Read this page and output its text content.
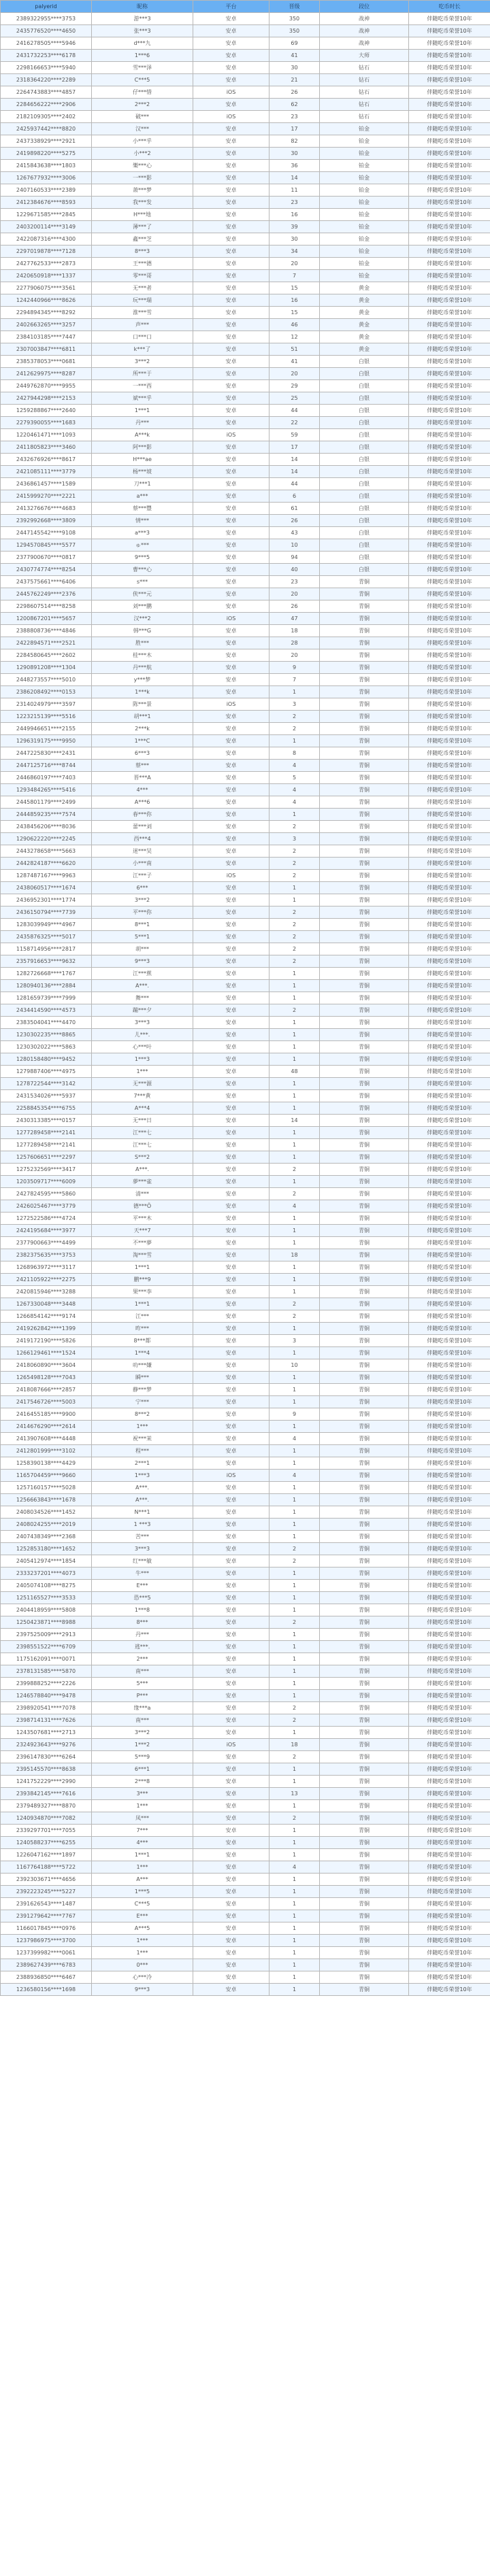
palyerid	昵称	平台	晋级	段位	吃币时长
2389322955****3753	游***3	安卓	350	战神	伴随吃币荣誉10年
2435776520****4650	张***3	安卓	350	战神	伴随吃币荣誉10年
2416278505****5946	d***九	安卓	69	战神	伴随吃币荣誉10年
2431732253****6178	1***6	安卓	41	大师	伴随吃币荣誉10年
2298166653****5940	雪***泽	安卓	30	钻石	伴随吃币荣誉10年
2318364220****2289	C***5	安卓	21	钻石	伴随吃币荣誉10年
2264743883****4857	仔***惜	iOS	26	钻石	伴随吃币荣誉10年
2284656222****2906	2***2	安卓	62	钻石	伴随吃币荣誉10年
2182109305****2402	破***	iOS	23	钻石	伴随吃币荣誉10年
2425937442****8820	汉***	安卓	17	铂金	伴随吃币荣誉10年
2437338929****2921	小***乎	安卓	82	铂金	伴随吃币荣誉10年
2419898220****5275	小***2	安卓	30	铂金	伴随吃币荣誉10年
2415843638****1803	樂***心	安卓	36	铂金	伴随吃币荣誉10年
1267677932****3006	一***影	安卓	14	铂金	伴随吃币荣誉10年
2407160533****2389	萧***梦	安卓	11	铂金	伴随吃币荣誉10年
2412384676****8593	我***发	安卓	23	铂金	伴随吃币荣誉10年
1229671585****2845	H***地	安卓	16	铂金	伴随吃币荣誉10年
2403200114****3149	薄***了	安卓	39	铂金	伴随吃币荣誉10年
2422087316****4300	鑫***芝	安卓	30	铂金	伴随吃币荣誉10年
2297019878****7128	8***3	安卓	34	铂金	伴随吃币荣誉10年
2427762533****2873	王***德	安卓	20	铂金	伴随吃币荣誉10年
2420650918****1337	零***哥	安卓	7	铂金	伴随吃币荣誉10年
2277906075****3561	无***者	安卓	15	黄金	伴随吃币荣誉10年
1242440966****8626	玩***瑞	安卓	16	黄金	伴随吃币荣誉10年
2294894345****8292	淮***雪	安卓	15	黄金	伴随吃币荣誉10年
2402663265****3257	声***	安卓	46	黄金	伴随吃币荣誉10年
2384103185****7447	口***口	安卓	12	黄金	伴随吃币荣誉10年
2307003847****6811	k***了	安卓	51	黄金	伴随吃币荣誉10年
2385378053****0681	3***2	安卓	41	白银	伴随吃币荣誉10年
2412629975****8287	所***于	安卓	20	白银	伴随吃币荣誉10年
2449762870****9955	一***西	安卓	29	白银	伴随吃币荣誉10年
2427944298****2153	斌***乎	安卓	25	白银	伴随吃币荣誉10年
1259288867****2640	1***1	安卓	44	白银	伴随吃币荣誉10年
2279390055****1683	丹***	安卓	22	白银	伴随吃币荣誉10年
1220461471****1093	A***k	iOS	59	白银	伴随吃币荣誉10年
2411805823****3460	阿***影	安卓	17	白银	伴随吃币荣誉10年
2432676926****8617	H***ae	安卓	14	白银	伴随吃币荣誉10年
2421085111****3779	杨***坡	安卓	14	白银	伴随吃币荣誉10年
2436861457****1589	刀***1	安卓	44	白银	伴随吃币荣誉10年
2415999270****2221	a***	安卓	6	白银	伴随吃币荣誉10年
2413276676****4683	蔡***豐	安卓	61	白银	伴随吃币荣誉10年
2392992668****3809	情***	安卓	26	白银	伴随吃币荣誉10年
2447145542****9108	a***3	安卓	43	白银	伴随吃币荣誉10年
1294570845****5577	ゅ***	安卓	10	白银	伴随吃币荣誉10年
2377900670****0817	9***5	安卓	94	白银	伴随吃币荣誉10年
2430774774****8254	曹***心	安卓	40	白银	伴随吃币荣誉10年
2437575661****6406	s***	安卓	23	青铜	伴随吃币荣誉10年
2445762249****2376	侠***元	安卓	20	青铜	伴随吃币荣誉10年
2298607514****8258	刘***鹏	安卓	26	青铜	伴随吃币荣誉10年
1200867201****5657	汉***2	iOS	47	青铜	伴随吃币荣誉10年
2388808736****4846	韩***G	安卓	18	青铜	伴随吃币荣誉10年
2422894571****2521	胜***	安卓	28	青铜	伴随吃币荣誉10年
2284580645****2602	桂***木	安卓	20	青铜	伴随吃币荣誉10年
1290891208****1304	丹***航	安卓	9	青铜	伴随吃币荣誉10年
2448273557****5010	y***梦	安卓	7	青铜	伴随吃币荣誉10年
2386208492****0153	1***k	安卓	1	青铜	伴随吃币荣誉10年
2314024979****3597	陈***景	iOS	3	青铜	伴随吃币荣誉10年
1223215139****5516	胡***1	安卓	2	青铜	伴随吃币荣誉10年
2449946651****2155	2***k	安卓	2	青铜	伴随吃币荣誉10年
1296319175****9950	1***C	安卓	1	青铜	伴随吃币荣誉10年
2447225830****2431	6***3	安卓	8	青铜	伴随吃币荣誉10年
2447125716****8744	蔡***	安卓	4	青铜	伴随吃币荣誉10年
2446860197****7403	晋***A	安卓	5	青铜	伴随吃币荣誉10年
1293484265****5416	4***	安卓	4	青铜	伴随吃币荣誉10年
2445801179****2499	A***6	安卓	4	青铜	伴随吃币荣誉10年
2444859235****7574	春***你	安卓	1	青铜	伴随吃币荣誉10年
2438456206****8036	蕾***刘	安卓	2	青铜	伴随吃币荣誉10年
1290622220****2245	西***4	安卓	3	青铜	伴随吃币荣誉10年
2443278658****5663	迷***吴	安卓	2	青铜	伴随吃币荣誉10年
2442824187****6620	小***南	安卓	2	青铜	伴随吃币荣誉10年
1287487167****9963	江***子	iOS	2	青铜	伴随吃币荣誉10年
2438060517****1674	6***	安卓	1	青铜	伴随吃币荣誉10年
2436952301****1774	3***2	安卓	1	青铜	伴随吃币荣誉10年
2436150794****7739	平***你	安卓	2	青铜	伴随吃币荣誉10年
1283039949****4967	8***1	安卓	2	青铜	伴随吃币荣誉10年
2435876325****5017	5***1	安卓	2	青铜	伴随吃币荣誉10年
1158714956****2817	胡***	安卓	2	青铜	伴随吃币荣誉10年
2357916653****9632	9***3	安卓	2	青铜	伴随吃币荣誉10年
1282726668****1767	江***蕉	安卓	1	青铜	伴随吃币荣誉10年
1280940136****2884	A***.	安卓	1	青铜	伴随吃币荣誉10年
1281659739****7999	舞***	安卓	1	青铜	伴随吃币荣誉10年
2434414590****4573	蹦***夕	安卓	2	青铜	伴随吃币荣誉10年
2383504041****4470	3***3	安卓	1	青铜	伴随吃币荣誉10年
1230302235****8865	儿***.	安卓	1	青铜	伴随吃币荣誉10年
1230302022****5863	心***叶	安卓	1	青铜	伴随吃币荣誉10年
1280158480****9452	1***3	安卓	1	青铜	伴随吃币荣誉10年
1279887406****4975	1***	安卓	48	青铜	伴随吃币荣誉10年
1278722544****3142	无***源	安卓	1	青铜	伴随吃币荣誉10年
2431534026****5937	7***黄	安卓	1	青铜	伴随吃币荣誉10年
2258845354****6755	A***4	安卓	1	青铜	伴随吃币荣誉10年
2430313385****0157	无***日	安卓	14	青铜	伴随吃币荣誉10年
1277289458****2141	江***七	安卓	1	青铜	伴随吃币荣誉10年
1277289458****2141	江***七	安卓	1	青铜	伴随吃币荣誉10年
1257606651****2297	S***2	安卓	1	青铜	伴随吃币荣誉10年
1275232569****3417	A***.	安卓	2	青铜	伴随吃币荣誉10年
1203509717****6009	夢***雀	安卓	1	青铜	伴随吃币荣誉10年
2427824595****5860	清***	安卓	2	青铜	伴随吃币荣誉10年
2426025467****3779	德***Ö	安卓	4	青铜	伴随吃币荣誉10年
1272522586****4724	平***木	安卓	1	青铜	伴随吃币荣誉10年
2424195684****3977	天***7	安卓	1	青铜	伴随吃币荣誉10年
2377900663****4499	不***夢	安卓	1	青铜	伴随吃币荣誉10年
2382375635****3753	淘***雪	安卓	18	青铜	伴随吃币荣誉10年
1268963972****3117	1***1	安卓	1	青铜	伴随吃币荣誉10年
2421105922****2275	鹏***9	安卓	1	青铜	伴随吃币荣誉10年
2420815946****3288	果***李	安卓	1	青铜	伴随吃币荣誉10年
1267330048****3448	1***1	安卓	2	青铜	伴随吃币荣誉10年
1266854142****9174	江***	安卓	2	青铜	伴随吃币荣誉10年
2419262842****1399	昨***	安卓	1	青铜	伴随吃币荣誉10年
2419172190****5826	8***都	安卓	3	青铜	伴随吃币荣誉10年
1266129461****1524	1***4	安卓	1	青铜	伴随吃币荣誉10年
2418060890****3604	叻***嫌	安卓	10	青铜	伴随吃币荣誉10年
1265498128****7043	瞬***	安卓	1	青铜	伴随吃币荣誉10年
2418087666****2857	静***梦	安卓	1	青铜	伴随吃币荣誉10年
2417546726****5003	宁***	安卓	1	青铜	伴随吃币荣誉10年
2416455185****9900	8***2	安卓	9	青铜	伴随吃币荣誉10年
2414676290****2614	1***	安卓	1	青铜	伴随吃币荣誉10年
2413907608****4448	祝***茉	安卓	4	青铜	伴随吃币荣誉10年
2412801999****3102	程***	安卓	1	青铜	伴随吃币荣誉10年
1258390138****4429	2***1	安卓	1	青铜	伴随吃币荣誉10年
1165704459****9660	1***3	iOS	4	青铜	伴随吃币荣誉10年
1257160157****5028	A***.	安卓	1	青铜	伴随吃币荣誉10年
1256663843****1678	A***.	安卓	1	青铜	伴随吃币荣誉10年
2408034526****1452	N***1	安卓	1	青铜	伴随吃币荣誉10年
2408024255****2019	1 ***3	安卓	1	青铜	伴随吃币荣誉10年
2407438349****2368	苦***	安卓	1	青铜	伴随吃币荣誉10年
1252853180****1652	3***3	安卓	2	青铜	伴随吃币荣誉10年
2405412974****1854	红***敏	安卓	2	青铜	伴随吃币荣誉10年
2333237201****4073	牛***	安卓	1	青铜	伴随吃币荣誉10年
2405074108****8275	E***	安卓	1	青铜	伴随吃币荣誉10年
1251165527****3533	恐***5	安卓	1	青铜	伴随吃币荣誉10年
2404418959****5808	1***8	安卓	1	青铜	伴随吃币荣誉10年
1250423871****8988	8***	安卓	2	青铜	伴随吃币荣誉10年
2397525009****2913	丹***	安卓	1	青铜	伴随吃币荣誉10年
2398551522****6709	逃***.	安卓	1	青铜	伴随吃币荣誉10年
1175162091****0071	2***	安卓	1	青铜	伴随吃币荣誉10年
2378131585****5870	南***	安卓	1	青铜	伴随吃币荣誉10年
2399888252****2226	5***	安卓	1	青铜	伴随吃币荣誉10年
1246578840****9478	P***	安卓	1	青铜	伴随吃币荣誉10年
2398920541****7078	缘***a	安卓	2	青铜	伴随吃币荣誉10年
2398714131****7626	南***	安卓	2	青铜	伴随吃币荣誉10年
1243507681****2713	3***2	安卓	1	青铜	伴随吃币荣誉10年
2324923643****9276	1***2	iOS	18	青铜	伴随吃币荣誉10年
2396147830****6264	5***9	安卓	2	青铜	伴随吃币荣誉10年
2395145570****8638	6***1	安卓	1	青铜	伴随吃币荣誉10年
1241752229****2990	2***8	安卓	1	青铜	伴随吃币荣誉10年
2393842145****7616	3***	安卓	13	青铜	伴随吃币荣誉10年
2379489327****8870	1***	安卓	1	青铜	伴随吃币荣誉10年
1240934870****7082	凤***	安卓	2	青铜	伴随吃币荣誉10年
2339297701****7055	7***	安卓	1	青铜	伴随吃币荣誉10年
1240588237****6255	4***	安卓	1	青铜	伴随吃币荣誉10年
1226047162****1897	1***1	安卓	1	青铜	伴随吃币荣誉10年
1167764188****5722	1***	安卓	4	青铜	伴随吃币荣誉10年
2392303671****4656	A***	安卓	1	青铜	伴随吃币荣誉10年
2392223245****5227	1***5	安卓	1	青铜	伴随吃币荣誉10年
2391626543****1487	C***5	安卓	1	青铜	伴随吃币荣誉10年
2391279642****7767	E***	安卓	1	青铜	伴随吃币荣誉10年
1166017845****0976	A***5	安卓	1	青铜	伴随吃币荣誉10年
1237986975****3700	1***	安卓	1	青铜	伴随吃币荣誉10年
1237399982****0061	1***	安卓	1	青铜	伴随吃币荣誉10年
2389627439****6783	0***	安卓	1	青铜	伴随吃币荣誉10年
2388936850****6467	心***冷	安卓	1	青铜	伴随吃币荣誉10年
1236580156****1698	9***3	安卓	1	青铜	伴随吃币荣誉10年
